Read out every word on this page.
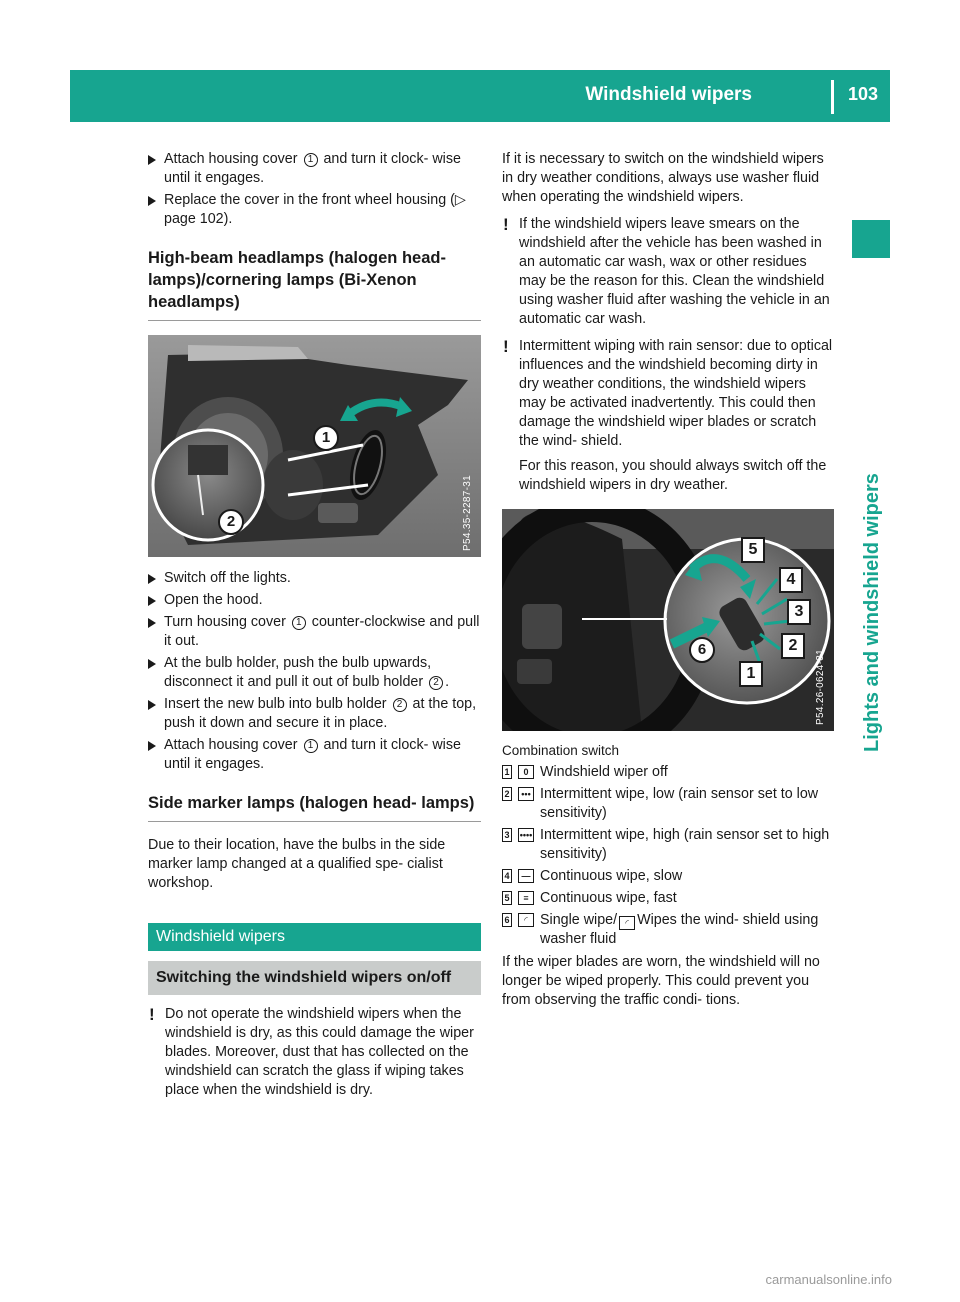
Windshield wipers	103
Lights and windshield wipers
Attach housing cover 1 and turn it clock- wise until it engages.
Replace the cover in the front wheel housing (▷ page 102).
High-beam headlamps (halogen head- lamps)/cornering lamps (Bi-Xenon headlamps)
1
2	P54.35-2287-31
Switch off the lights.
Open the hood.
Turn housing cover 1 counter-clockwise and pull it out.
At the bulb holder, push the bulb upwards, disconnect it and pull it out of bulb holder 2 .
Insert the new bulb into bulb holder 2 at the top, push it down and secure it in place.
Attach housing cover 1 and turn it clock- wise until it engages.
Side marker lamps (halogen head- lamps)

Due to their location, have the bulbs in the side marker lamp changed at a qualified spe- cialist workshop.

Windshield wipers
Switching the windshield wipers on/off
! Do not operate the windshield wipers when the windshield is dry, as this could damage the wiper blades. Moreover, dust that has collected on the windshield can scratch the glass if wiping takes place when the windshield is dry.

If it is necessary to switch on the windshield wipers in dry weather conditions, always use washer fluid when operating the windshield wipers.

! If the windshield wipers leave smears on the windshield after the vehicle has been washed in an automatic car wash, wax or other residues may be the reason for this. Clean the windshield using washer fluid after washing the vehicle in an automatic car wash.
! Intermittent wiping with rain sensor: due to optical influences and the windshield becoming dirty in dry weather conditions, the windshield wipers may be activated inadvertently. This could then damage the windshield wiper blades or scratch the wind- shield.

For this reason, you should always switch off the windshield wipers in dry weather.

5
4
3
2
1
6	P54.26-0624-31

Combination switch

1	0 Windshield wiper off
2	••• Intermittent wipe, low (rain sensor set to low sensitivity)
3 •••• Intermittent wipe, high (rain sensor set to high sensitivity)
4	— Continuous wipe, slow
5	≡ Continuous wipe, fast
6	◜ Single wipe/ ◜ Wipes the wind- shield using washer fluid

If the wiper blades are worn, the windshield will no longer be wiped properly. This could prevent you from observing the traffic condi- tions.

carmanualsonline.info
